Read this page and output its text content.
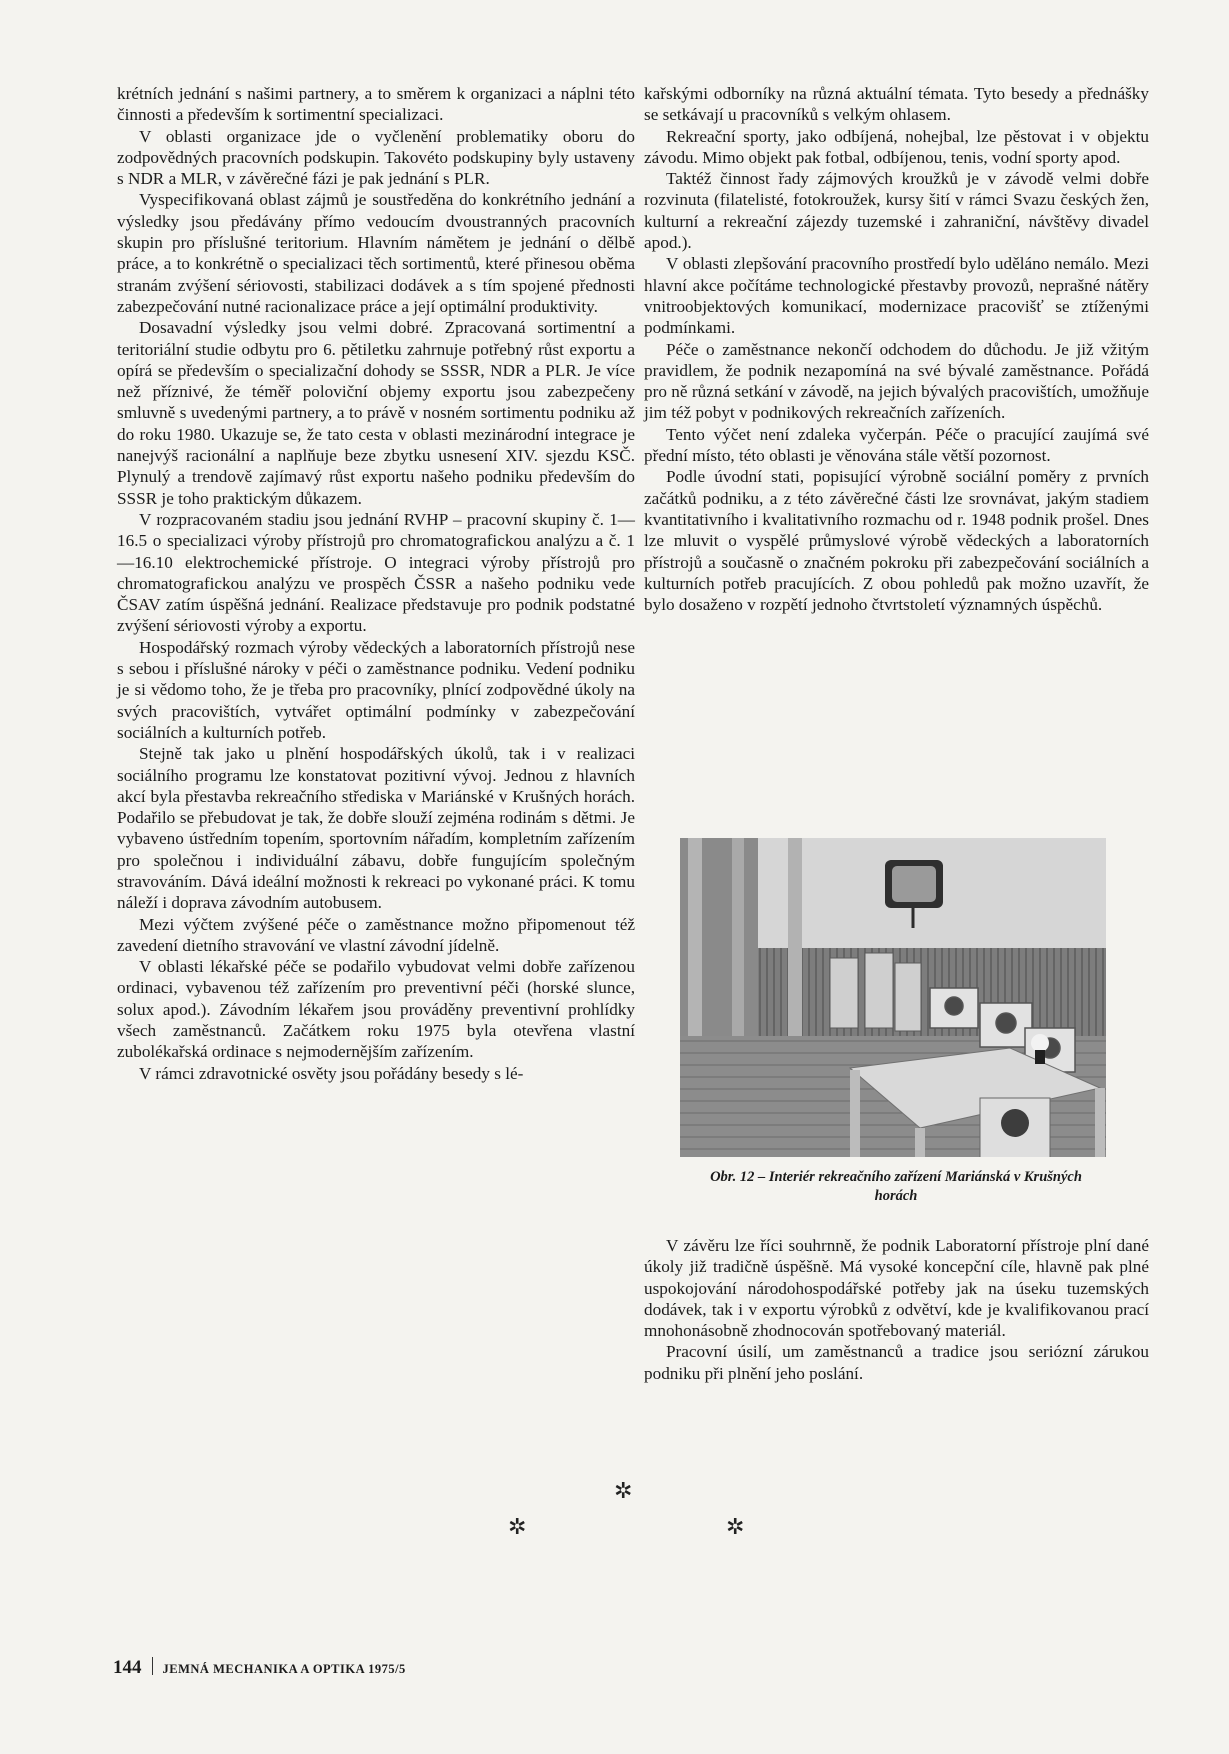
krétních jednání s našimi partnery, a to směrem k organizaci a náplni této činnosti a především k sortimentní specializaci.

V oblasti organizace jde o vyčlenění problematiky oboru do zodpovědných pracovních podskupin. Takovéto podskupiny byly ustaveny s NDR a MLR, v závěrečné fázi je pak jednání s PLR.

Vyspecifikovaná oblast zájmů je soustředěna do konkrétního jednání a výsledky jsou předávány přímo vedoucím dvoustranných pracovních skupin pro příslušné teritorium. Hlavním námětem je jednání o dělbě práce, a to konkrétně o specializaci těch sortimentů, které přinesou oběma stranám zvýšení sériovosti, stabilizaci dodávek a s tím spojené přednosti zabezpečování nutné racionalizace práce a její optimální produktivity.

Dosavadní výsledky jsou velmi dobré. Zpracovaná sortimentní a teritoriální studie odbytu pro 6. pětiletku zahrnuje potřebný růst exportu a opírá se především o specializační dohody se SSSR, NDR a PLR. Je více než příznivé, že téměř poloviční objemy exportu jsou zabezpečeny smluvně s uvedenými partnery, a to právě v nosném sortimentu podniku až do roku 1980. Ukazuje se, že tato cesta v oblasti mezinárodní integrace je nanejvýš racionální a naplňuje beze zbytku usnesení XIV. sjezdu KSČ. Plynulý a trendově zajímavý růst exportu našeho podniku především do SSSR je toho praktickým důkazem.

V rozpracovaném stadiu jsou jednání RVHP – pracovní skupiny č. 1—16.5 o specializaci výroby přístrojů pro chromatografickou analýzu a č. 1—16.10 elektrochemické přístroje. O integraci výroby přístrojů pro chromatografickou analýzu ve prospěch ČSSR a našeho podniku vede ČSAV zatím úspěšná jednání. Realizace představuje pro podnik podstatné zvýšení sériovosti výroby a exportu.

Hospodářský rozmach výroby vědeckých a laboratorních přístrojů nese s sebou i příslušné nároky v péči o zaměstnance podniku. Vedení podniku je si vědomo toho, že je třeba pro pracovníky, plnící zodpovědné úkoly na svých pracovištích, vytvářet optimální podmínky v zabezpečování sociálních a kulturních potřeb.

Stejně tak jako u plnění hospodářských úkolů, tak i v realizaci sociálního programu lze konstatovat pozitivní vývoj. Jednou z hlavních akcí byla přestavba rekreačního střediska v Mariánské v Krušných horách. Podařilo se přebudovat je tak, že dobře slouží zejména rodinám s dětmi. Je vybaveno ústředním topením, sportovním nářadím, kompletním zařízením pro společnou i individuální zábavu, dobře fungujícím společným stravováním. Dává ideální možnosti k rekreaci po vykonané práci. K tomu náleží i doprava závodním autobusem.

Mezi výčtem zvýšené péče o zaměstnance možno připomenout též zavedení dietního stravování ve vlastní závodní jídelně.

V oblasti lékařské péče se podařilo vybudovat velmi dobře zařízenou ordinaci, vybavenou též zařízením pro preventivní péči (horské slunce, solux apod.). Závodním lékařem jsou prováděny preventivní prohlídky všech zaměstnanců. Začátkem roku 1975 byla otevřena vlastní zubolékařská ordinace s nejmodernějším zařízením.

V rámci zdravotnické osvěty jsou pořádány besedy s lé-

kařskými odborníky na různá aktuální témata. Tyto besedy a přednášky se setkávají u pracovníků s velkým ohlasem.

Rekreační sporty, jako odbíjená, nohejbal, lze pěstovat i v objektu závodu. Mimo objekt pak fotbal, odbíjenou, tenis, vodní sporty apod.

Taktéž činnost řady zájmových kroužků je v závodě velmi dobře rozvinuta (filatelisté, fotokroužek, kursy šití v rámci Svazu českých žen, kulturní a rekreační zájezdy tuzemské i zahraniční, návštěvy divadel apod.).

V oblasti zlepšování pracovního prostředí bylo uděláno nemálo. Mezi hlavní akce počítáme technologické přestavby provozů, neprašné nátěry vnitroobjektových komunikací, modernizace pracovišť se ztíženými podmínkami.

Péče o zaměstnance nekončí odchodem do důchodu. Je již vžitým pravidlem, že podnik nezapomíná na své bývalé zaměstnance. Pořádá pro ně různá setkání v závodě, na jejich bývalých pracovištích, umožňuje jim též pobyt v podnikových rekreačních zařízeních.

Tento výčet není zdaleka vyčerpán. Péče o pracující zaujímá své přední místo, této oblasti je věnována stále větší pozornost.

Podle úvodní stati, popisující výrobně sociální poměry z prvních začátků podniku, a z této závěrečné části lze srovnávat, jakým stadiem kvantitativního i kvalitativního rozmachu od r. 1948 podnik prošel. Dnes lze mluvit o vyspělé průmyslové výrobě vědeckých a laboratorních přístrojů a současně o značném pokroku při zabezpečování sociálních a kulturních potřeb pracujících. Z obou pohledů pak možno uzavřít, že bylo dosaženo v rozpětí jednoho čtvrtstoletí významných úspěchů.

Obr. 12 – Interiér rekreačního zařízení Mariánská v Krušných
horách

V závěru lze říci souhrnně, že podnik Laboratorní přístroje plní dané úkoly již tradičně úspěšně. Má vysoké koncepční cíle, hlavně pak plné uspokojování národohospodářské potřeby jak na úseku tuzemských dodávek, tak i v exportu výrobků z odvětví, kde je kvalifikovanou prací mnohonásobně zhodnocován spotřebovaný materiál.

Pracovní úsilí, um zaměstnanců a tradice jsou seriózní zárukou podniku při plnění jeho poslání.

✲
✲	✲
144 JEMNÁ MECHANIKA A OPTIKA 1975/5
